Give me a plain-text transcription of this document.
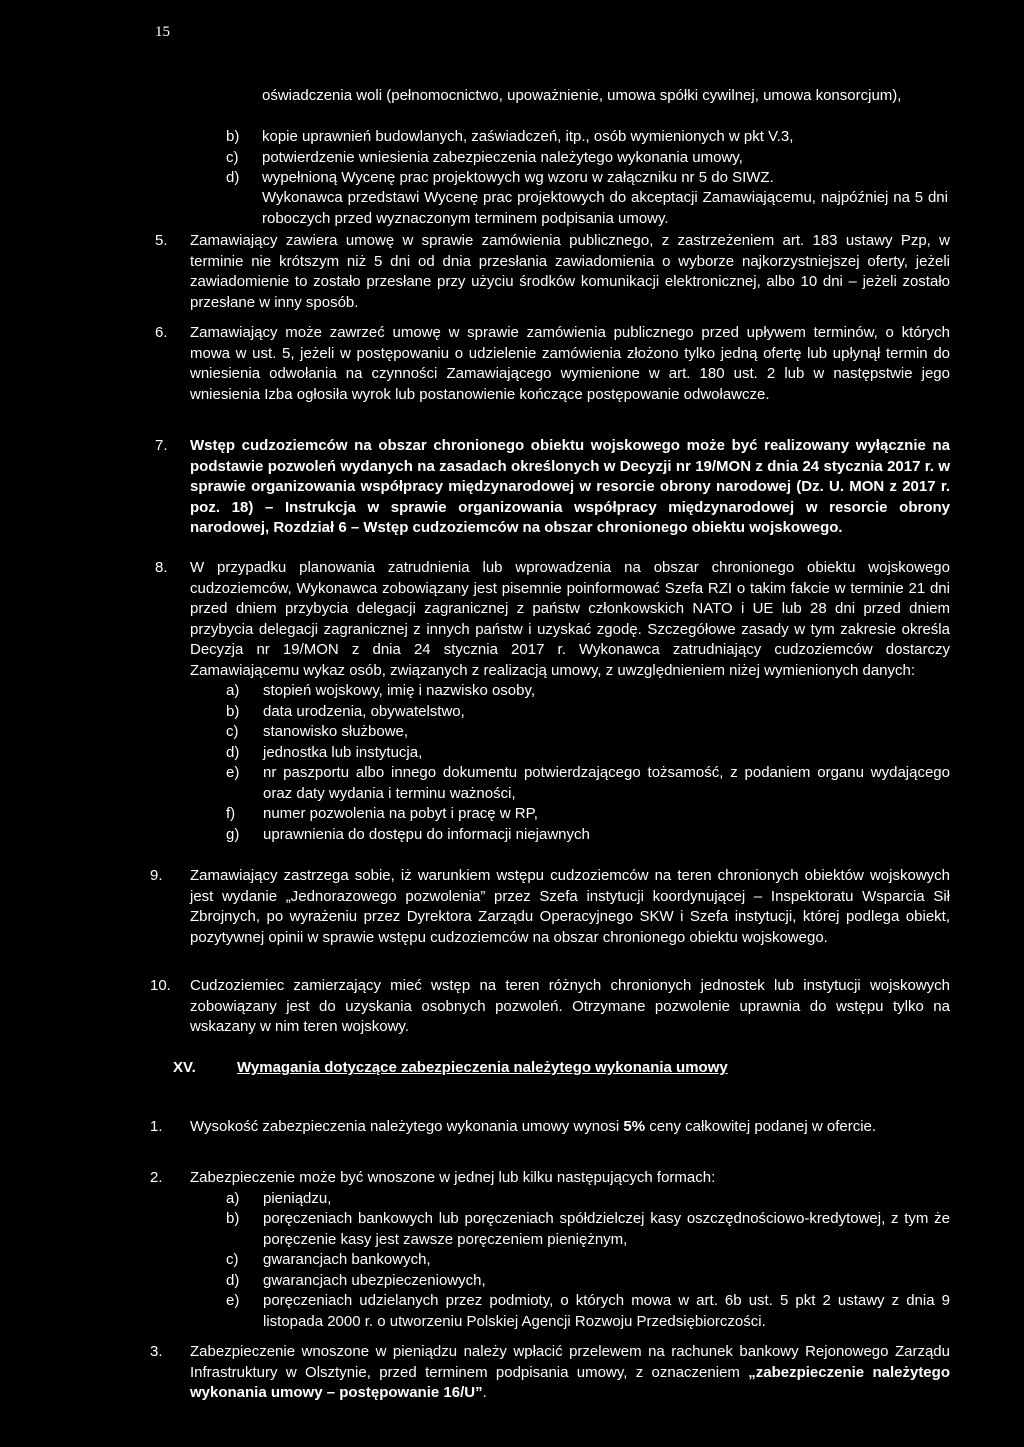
15
oświadczenia woli (pełnomocnictwo, upoważnienie, umowa spółki cywilnej, umowa konsorcjum),
b) kopie uprawnień budowlanych, zaświadczeń, itp., osób wymienionych w pkt V.3,
c) potwierdzenie wniesienia zabezpieczenia należytego wykonania umowy,
d) wypełnioną Wycenę prac projektowych wg wzoru w załączniku nr 5 do SIWZ.
Wykonawca przedstawi Wycenę prac projektowych do akceptacji Zamawiającemu, najpóźniej na 5 dni roboczych przed wyznaczonym terminem podpisania umowy.
5. Zamawiający zawiera umowę w sprawie zamówienia publicznego, z zastrzeżeniem art. 183 ustawy Pzp, w terminie nie krótszym niż 5 dni od dnia przesłania zawiadomienia o wyborze najkorzystniejszej oferty, jeżeli zawiadomienie to zostało przesłane przy użyciu środków komunikacji elektronicznej, albo 10 dni – jeżeli zostało przesłane w inny sposób.
6. Zamawiający może zawrzeć umowę w sprawie zamówienia publicznego przed upływem terminów, o których mowa w ust. 5, jeżeli w postępowaniu o udzielenie zamówienia złożono tylko jedną ofertę lub upłynął termin do wniesienia odwołania na czynności Zamawiającego wymienione w art. 180 ust. 2 lub w następstwie jego wniesienia Izba ogłosiła wyrok lub postanowienie kończące postępowanie odwoławcze.
7. Wstęp cudzoziemców na obszar chronionego obiektu wojskowego może być realizowany wyłącznie na podstawie pozwoleń wydanych na zasadach określonych w Decyzji nr 19/MON z dnia 24 stycznia 2017 r. w sprawie organizowania współpracy międzynarodowej w resorcie obrony narodowej (Dz. U. MON z 2017 r. poz. 18) – Instrukcja w sprawie organizowania współpracy międzynarodowej w resorcie obrony narodowej, Rozdział 6 – Wstęp cudzoziemców na obszar chronionego obiektu wojskowego.
8. W przypadku planowania zatrudnienia lub wprowadzenia na obszar chronionego obiektu wojskowego cudzoziemców, Wykonawca zobowiązany jest pisemnie poinformować Szefa RZI o takim fakcie w terminie 21 dni przed dniem przybycia delegacji zagranicznej z państw członkowskich NATO i UE lub 28 dni przed dniem przybycia delegacji zagranicznej z innych państw i uzyskać zgodę. Szczegółowe zasady w tym zakresie określa Decyzja nr 19/MON z dnia 24 stycznia 2017 r. Wykonawca zatrudniający cudzoziemców dostarczy Zamawiającemu wykaz osób, związanych z realizacją umowy, z uwzględnieniem niżej wymienionych danych:
a) stopień wojskowy, imię i nazwisko osoby,
b) data urodzenia, obywatelstwo,
c) stanowisko służbowe,
d) jednostka lub instytucja,
e) nr paszportu albo innego dokumentu potwierdzającego tożsamość, z podaniem organu wydającego oraz daty wydania i terminu ważności,
f) numer pozwolenia na pobyt i pracę w RP,
g) uprawnienia do dostępu do informacji niejawnych
9. Zamawiający zastrzega sobie, iż warunkiem wstępu cudzoziemców na teren chronionych obiektów wojskowych jest wydanie „Jednorazowego pozwolenia” przez Szefa instytucji koordynującej – Inspektoratu Wsparcia Sił Zbrojnych, po wyrażeniu przez Dyrektora Zarządu Operacyjnego SKW i Szefa instytucji, której podlega obiekt, pozytywnej opinii w sprawie wstępu cudzoziemców na obszar chronionego obiektu wojskowego.
10. Cudzoziemiec zamierzający mieć wstęp na teren różnych chronionych jednostek lub instytucji wojskowych zobowiązany jest do uzyskania osobnych pozwoleń. Otrzymane pozwolenie uprawnia do wstępu tylko na wskazany w nim teren wojskowy.
XV.	Wymagania dotyczące zabezpieczenia należytego wykonania umowy
1. Wysokość zabezpieczenia należytego wykonania umowy wynosi 5% ceny całkowitej podanej w ofercie.
2. Zabezpieczenie może być wnoszone w jednej lub kilku następujących formach:
a) pieniądzu,
b) poręczeniach bankowych lub poręczeniach spółdzielczej kasy oszczędnościowo-kredytowej, z tym że poręczenie kasy jest zawsze poręczeniem pieniężnym,
c) gwarancjach bankowych,
d) gwarancjach ubezpieczeniowych,
e) poręczeniach udzielanych przez podmioty, o których mowa w art. 6b ust. 5 pkt 2 ustawy z dnia 9 listopada 2000 r. o utworzeniu Polskiej Agencji Rozwoju Przedsiębiorczości.
3. Zabezpieczenie wnoszone w pieniądzu należy wpłacić przelewem na rachunek bankowy Rejonowego Zarządu Infrastruktury w Olsztynie, przed terminem podpisania umowy, z oznaczeniem „zabezpieczenie należytego wykonania umowy – postępowanie 16/U”.
